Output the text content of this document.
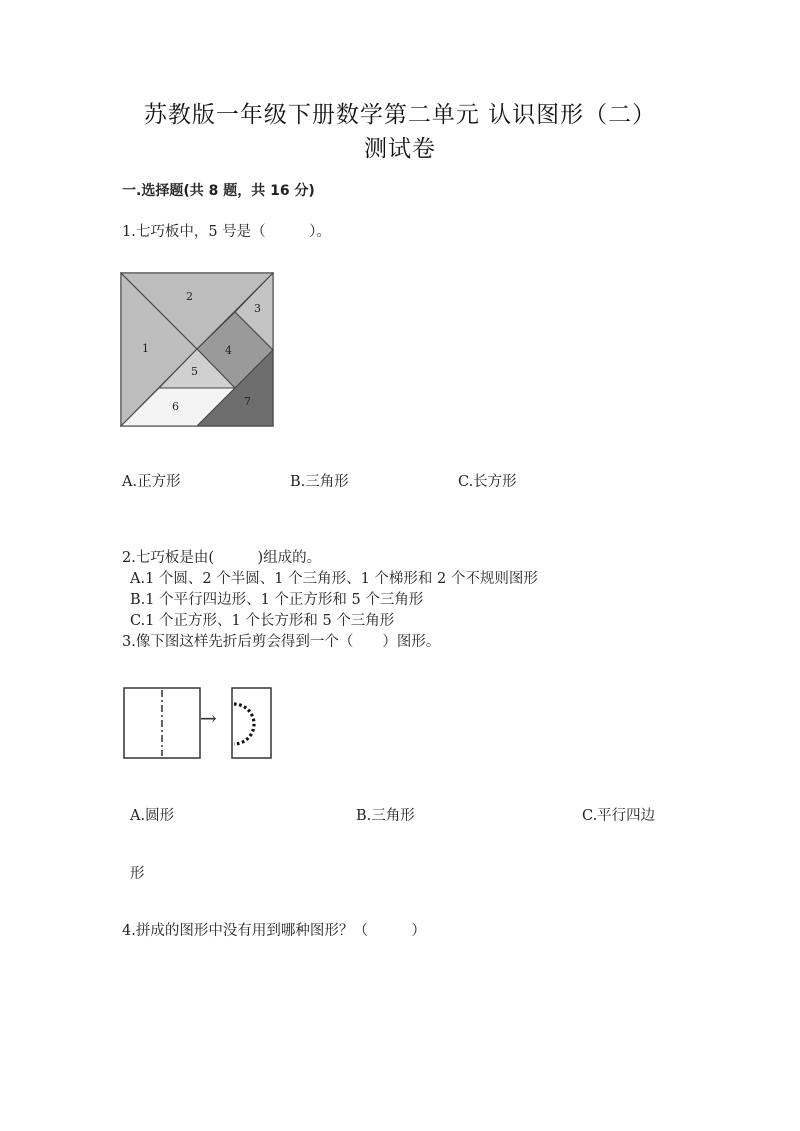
苏教版一年级下册数学第二单元 认识图形（二）
测试卷
一.选择题(共 8 题，共 16 分)
1.七巧板中，5 号是（　　　）。
1
2
3
4
5
6	7
A.正方形	B.三角形	C.长方形
2.七巧板是由(　　　)组成的。
A.1 个圆、2 个半圆、1 个三角形、1 个梯形和 2 个不规则图形
B.1 个平行四边形、1 个正方形和 5 个三角形
C.1 个正方形、1 个长方形和 5 个三角形
3.像下图这样先折后剪会得到一个（　　）图形。
→
A.圆形	B.三角形	C.平行四边
形
4.拼成的图形中没有用到哪种图形？（　　　）
